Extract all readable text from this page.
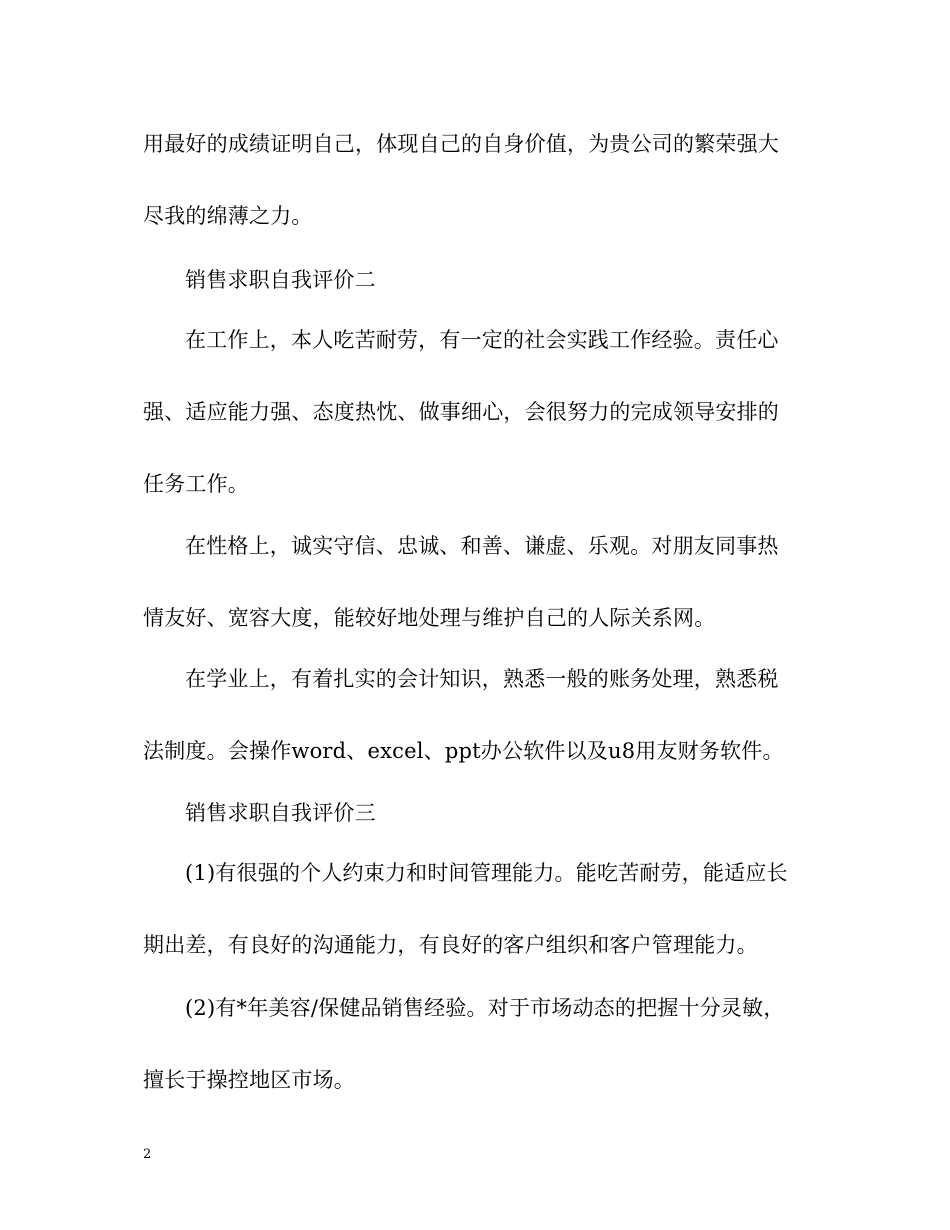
用最好的成绩证明自己，体现自己的自身价值，为贵公司的繁荣强大
尽我的绵薄之力。
销售求职自我评价二
在工作上，本人吃苦耐劳，有一定的社会实践工作经验。责任心
强、适应能力强、态度热忱、做事细心，会很努力的完成领导安排的
任务工作。
在性格上，诚实守信、忠诚、和善、谦虚、乐观。对朋友同事热
情友好、宽容大度，能较好地处理与维护自己的人际关系网。
在学业上，有着扎实的会计知识，熟悉一般的账务处理，熟悉税
法制度。会操作word、excel、ppt办公软件以及u8用友财务软件。
销售求职自我评价三
(1)有很强的个人约束力和时间管理能力。能吃苦耐劳，能适应长
期出差，有良好的沟通能力，有良好的客户组织和客户管理能力。
(2)有*年美容/保健品销售经验。对于市场动态的把握十分灵敏，
擅长于操控地区市场。
2
